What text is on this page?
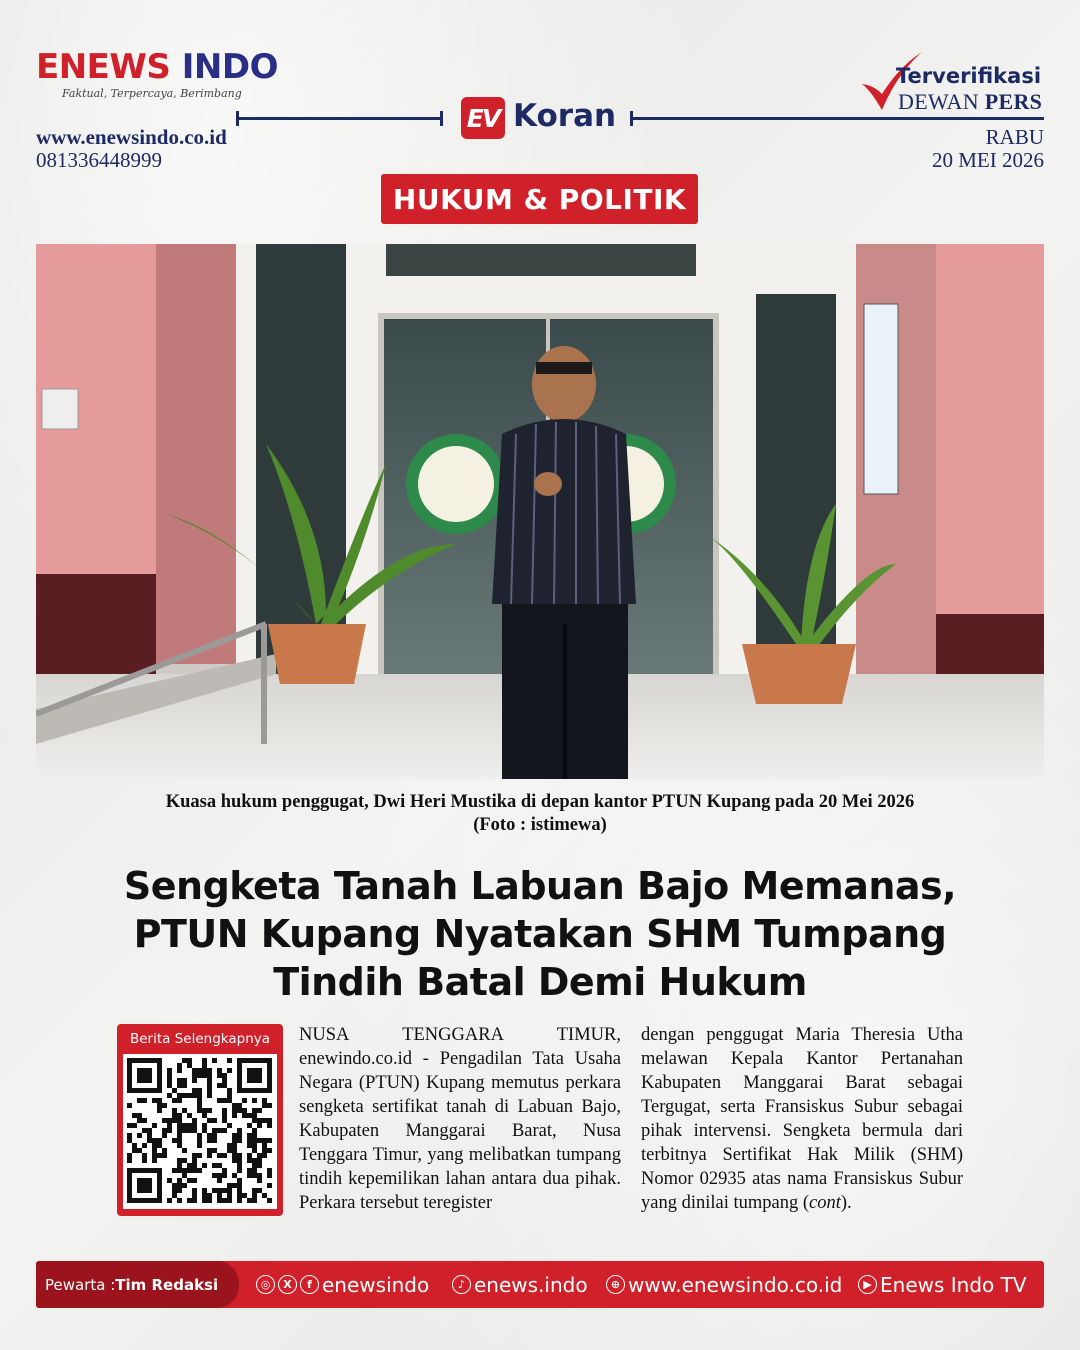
ENEWS INDO
Faktual, Terpercaya, Berimbang
www.enewsindo.co.id
081336448999
EV Koran
Terverifikasi
DEWAN PERS
RABU
20 MEI 2026
HUKUM & POLITIK
Kuasa hukum penggugat, Dwi Heri Mustika di depan kantor PTUN Kupang pada 20 Mei 2026
(Foto : istimewa)
Sengketa Tanah Labuan Bajo Memanas,
PTUN Kupang Nyatakan SHM Tumpang
Tindih Batal Demi Hukum
Berita Selengkapnya	NUSA TENGGARA TIMUR, enewindo.co.id - Pengadilan Tata Usaha Negara (PTUN) Kupang memutus perkara sengketa sertifikat tanah di Labuan Bajo, Kabupaten Manggarai Barat, Nusa Tenggara Timur, yang melibatkan tumpang tindih kepemilikan lahan antara dua pihak. Perkara tersebut teregister
dengan penggugat Maria Theresia Utha melawan Kepala Kantor Pertanahan Kabupaten Manggarai Barat sebagai Tergugat, serta Fransiskus Subur sebagai pihak intervensi. Sengketa bermula dari terbitnya Sertifikat Hak Milik (SHM) Nomor 02935 atas nama Fransiskus Subur yang dinilai tumpang (cont).
Pewarta : Tim Redaksi	◎	X	f enewsindo	♪ enews.indo	⊕ www.enewsindo.co.id	▶ Enews Indo TV
